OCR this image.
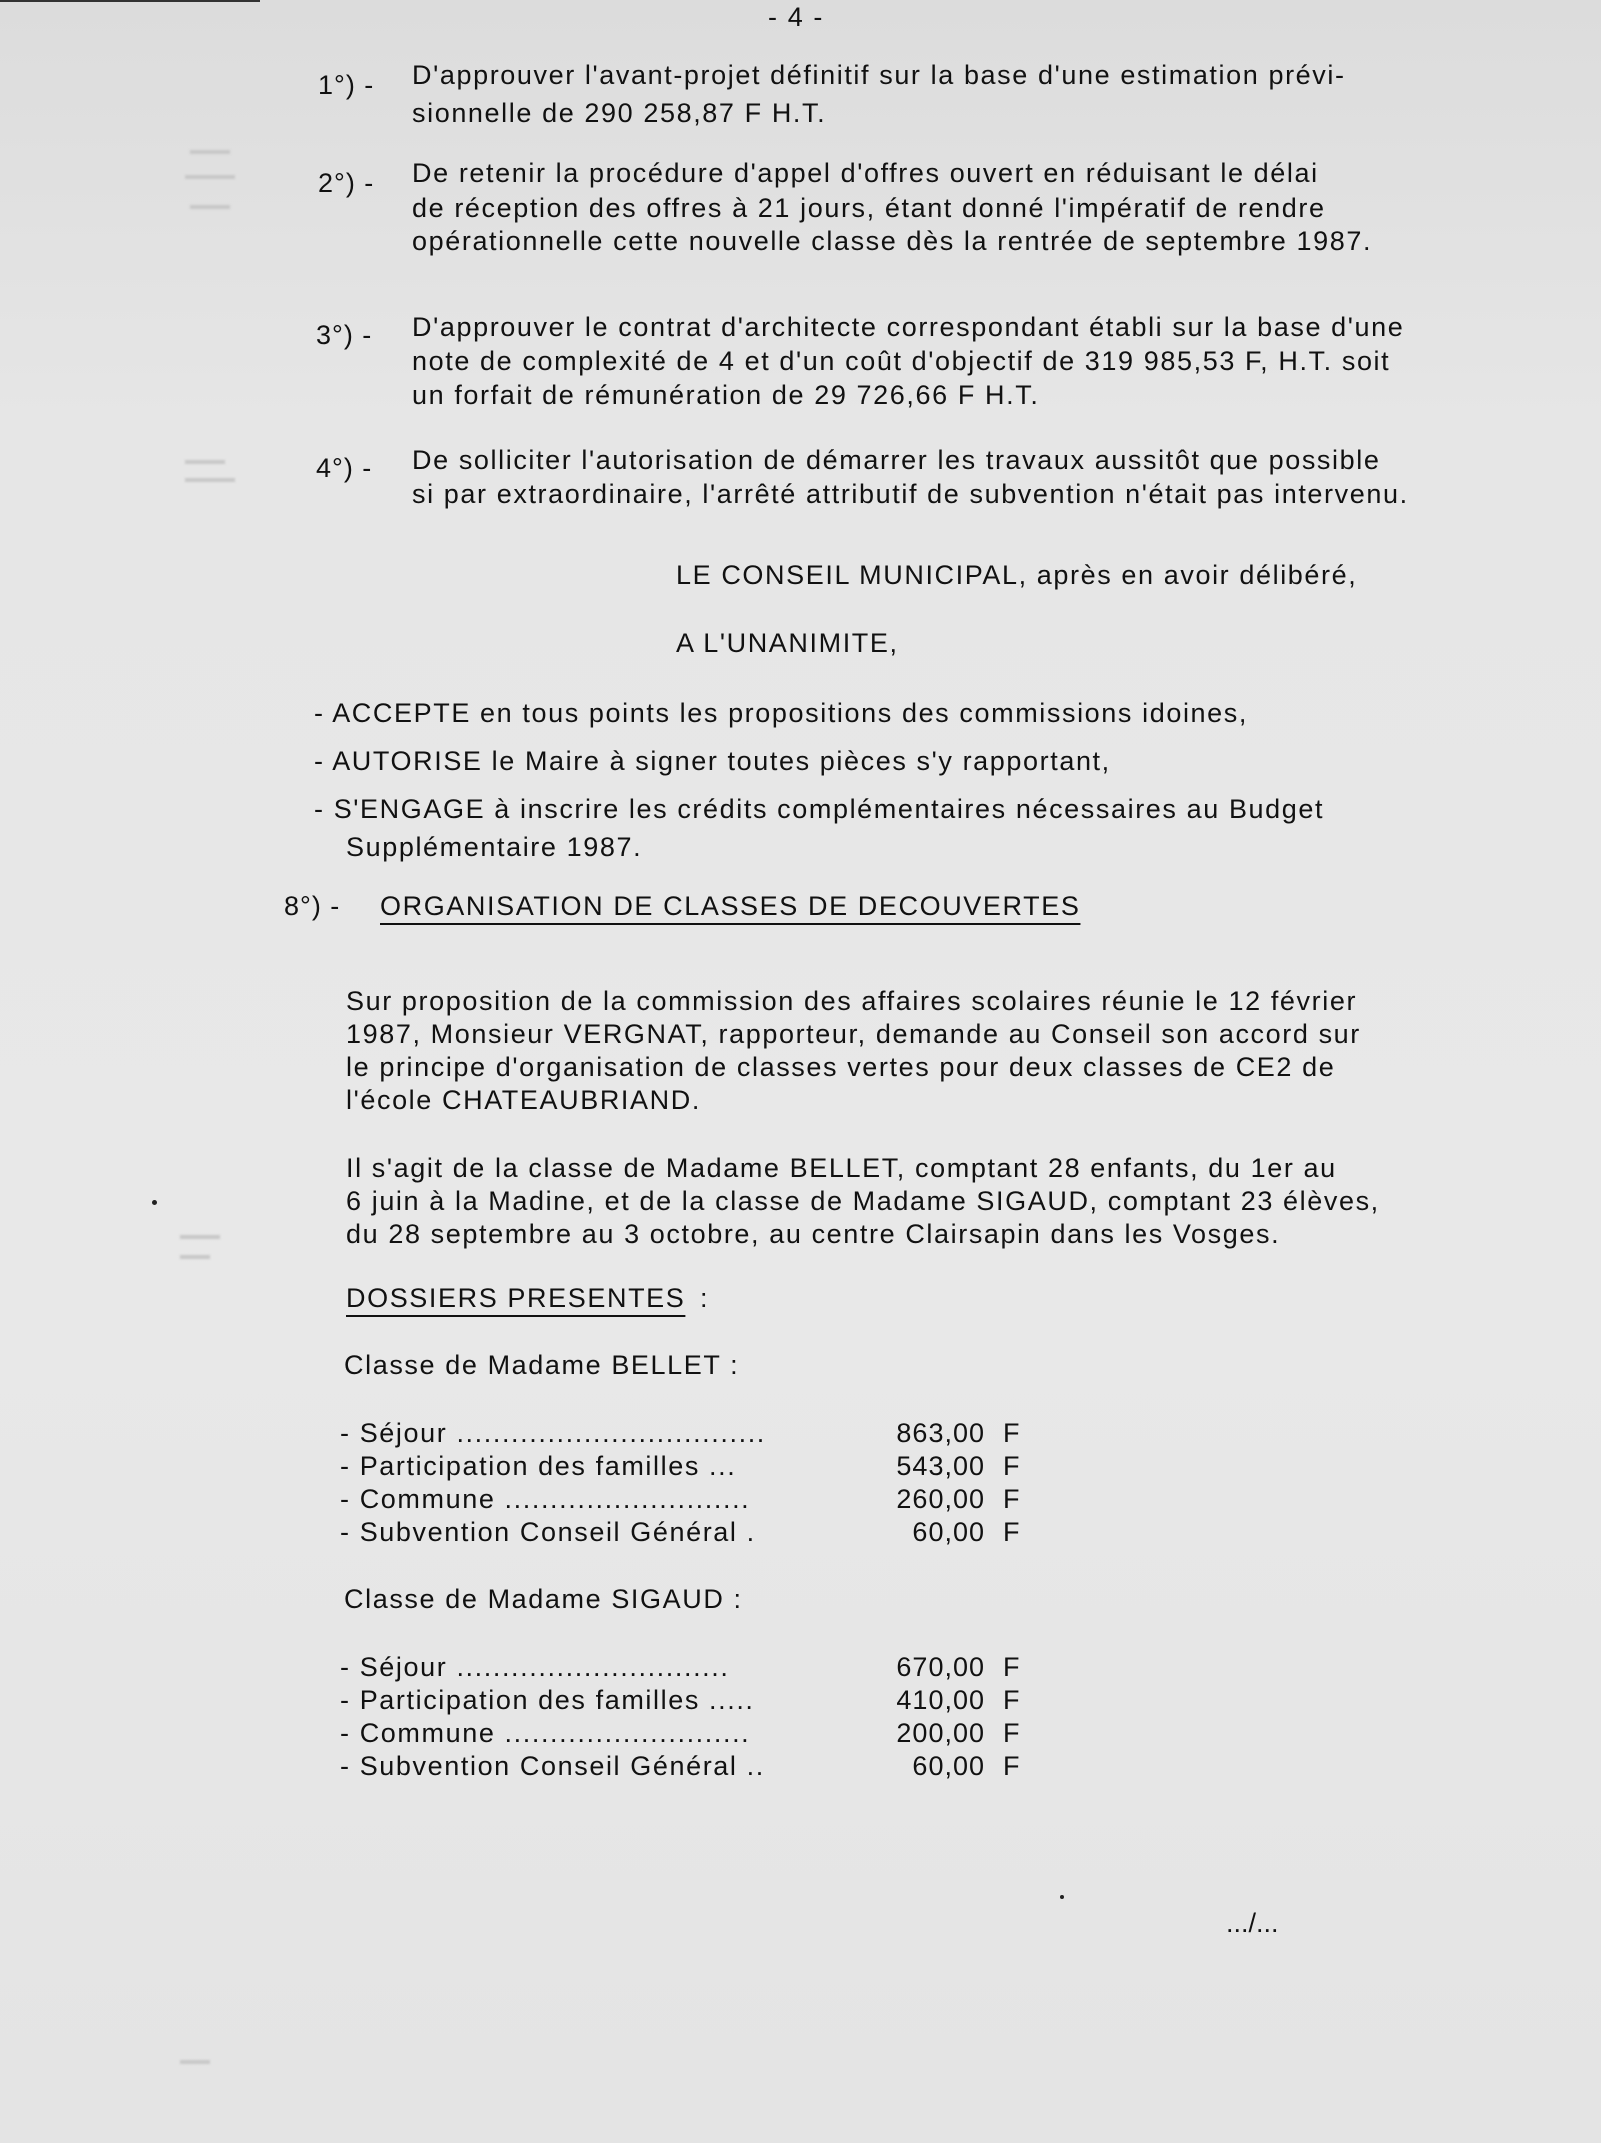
- 4 -
1°) - D'approuver l'avant-projet définitif sur la base d'une estimation prévi-
sionnelle de 290 258,87 F H.T.
2°) - De retenir la procédure d'appel d'offres ouvert en réduisant le délai
de réception des offres à 21 jours, étant donné l'impératif de rendre
opérationnelle cette nouvelle classe dès la rentrée de septembre 1987.
3°) - D'approuver le contrat d'architecte correspondant établi sur la base d'une
note de complexité de 4 et d'un coût d'objectif de 319 985,53 F, H.T. soit
un forfait de rémunération de 29 726,66 F H.T.
4°) - De solliciter l'autorisation de démarrer les travaux aussitôt que possible
si par extraordinaire, l'arrêté attributif de subvention n'était pas intervenu.
LE CONSEIL MUNICIPAL, après en avoir délibéré,
A L'UNANIMITE,
- ACCEPTE en tous points les propositions des commissions idoines,
- AUTORISE le Maire à signer toutes pièces s'y rapportant,
- S'ENGAGE à inscrire les crédits complémentaires nécessaires au Budget
Supplémentaire 1987.
8°) - ORGANISATION DE CLASSES DE DECOUVERTES
Sur proposition de la commission des affaires scolaires réunie le 12 février
1987, Monsieur VERGNAT, rapporteur, demande au Conseil son accord sur
le principe d'organisation de classes vertes pour deux classes de CE2 de
l'école CHATEAUBRIAND.
Il s'agit de la classe de Madame BELLET, comptant 28 enfants, du 1er au
6 juin à la Madine, et de la classe de Madame SIGAUD, comptant 23 élèves,
du 28 septembre au 3 octobre, au centre Clairsapin dans les Vosges.
DOSSIERS PRESENTES :
Classe de Madame BELLET :
- Séjour ..................................	863,00 F
- Participation des familles ...	543,00 F
- Commune ...........................	260,00 F
- Subvention Conseil Général .	60,00 F
Classe de Madame SIGAUD :
- Séjour ..............................	670,00 F
- Participation des familles .....	410,00 F
- Commune ...........................	200,00 F
- Subvention Conseil Général ..	60,00 F
.../...
